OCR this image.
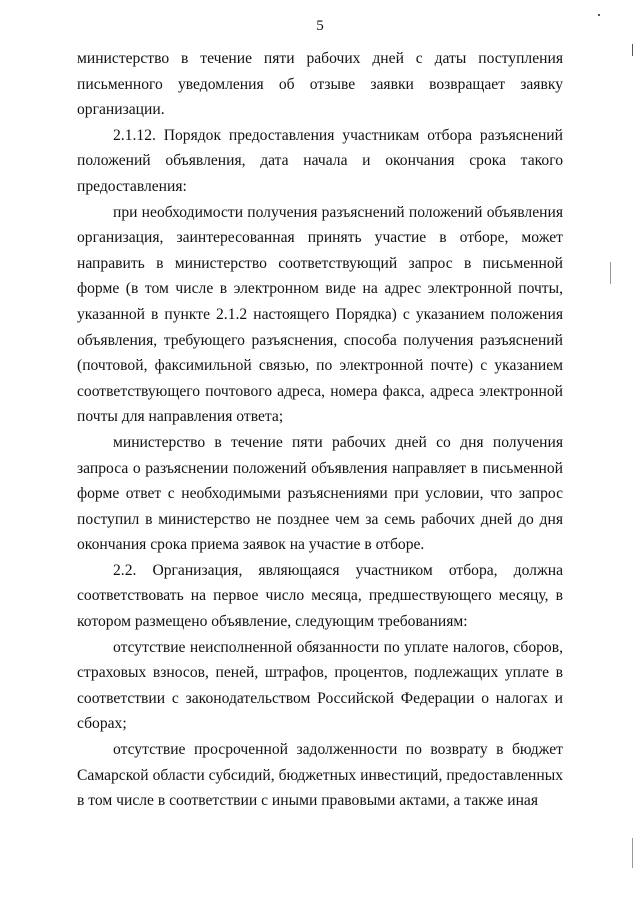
5

министерство в течение пяти рабочих дней с даты поступления письменного уведомления об отзыве заявки возвращает заявку организации.

2.1.12. Порядок предоставления участникам отбора разъяснений положений объявления, дата начала и окончания срока такого предоставления:

при необходимости получения разъяснений положений объявления организация, заинтересованная принять участие в отборе, может направить в министерство соответствующий запрос в письменной форме (в том числе в электронном виде на адрес электронной почты, указанной в пункте 2.1.2 настоящего Порядка) с указанием положения объявления, требующего разъяснения, способа получения разъяснений (почтовой, факсимильной связью, по электронной почте) с указанием соответствующего почтового адреса, номера факса, адреса электронной почты для направления ответа;

министерство в течение пяти рабочих дней со дня получения запроса о разъяснении положений объявления направляет в письменной форме ответ с необходимыми разъяснениями при условии, что запрос поступил в министерство не позднее чем за семь рабочих дней до дня окончания срока приема заявок на участие в отборе.

2.2. Организация, являющаяся участником отбора, должна соответствовать на первое число месяца, предшествующего месяцу, в котором размещено объявление, следующим требованиям:

отсутствие неисполненной обязанности по уплате налогов, сборов, страховых взносов, пеней, штрафов, процентов, подлежащих уплате в соответствии с законодательством Российской Федерации о налогах и сборах;

отсутствие просроченной задолженности по возврату в бюджет Самарской области субсидий, бюджетных инвестиций, предоставленных в том числе в соответствии с иными правовыми актами, а также иная
